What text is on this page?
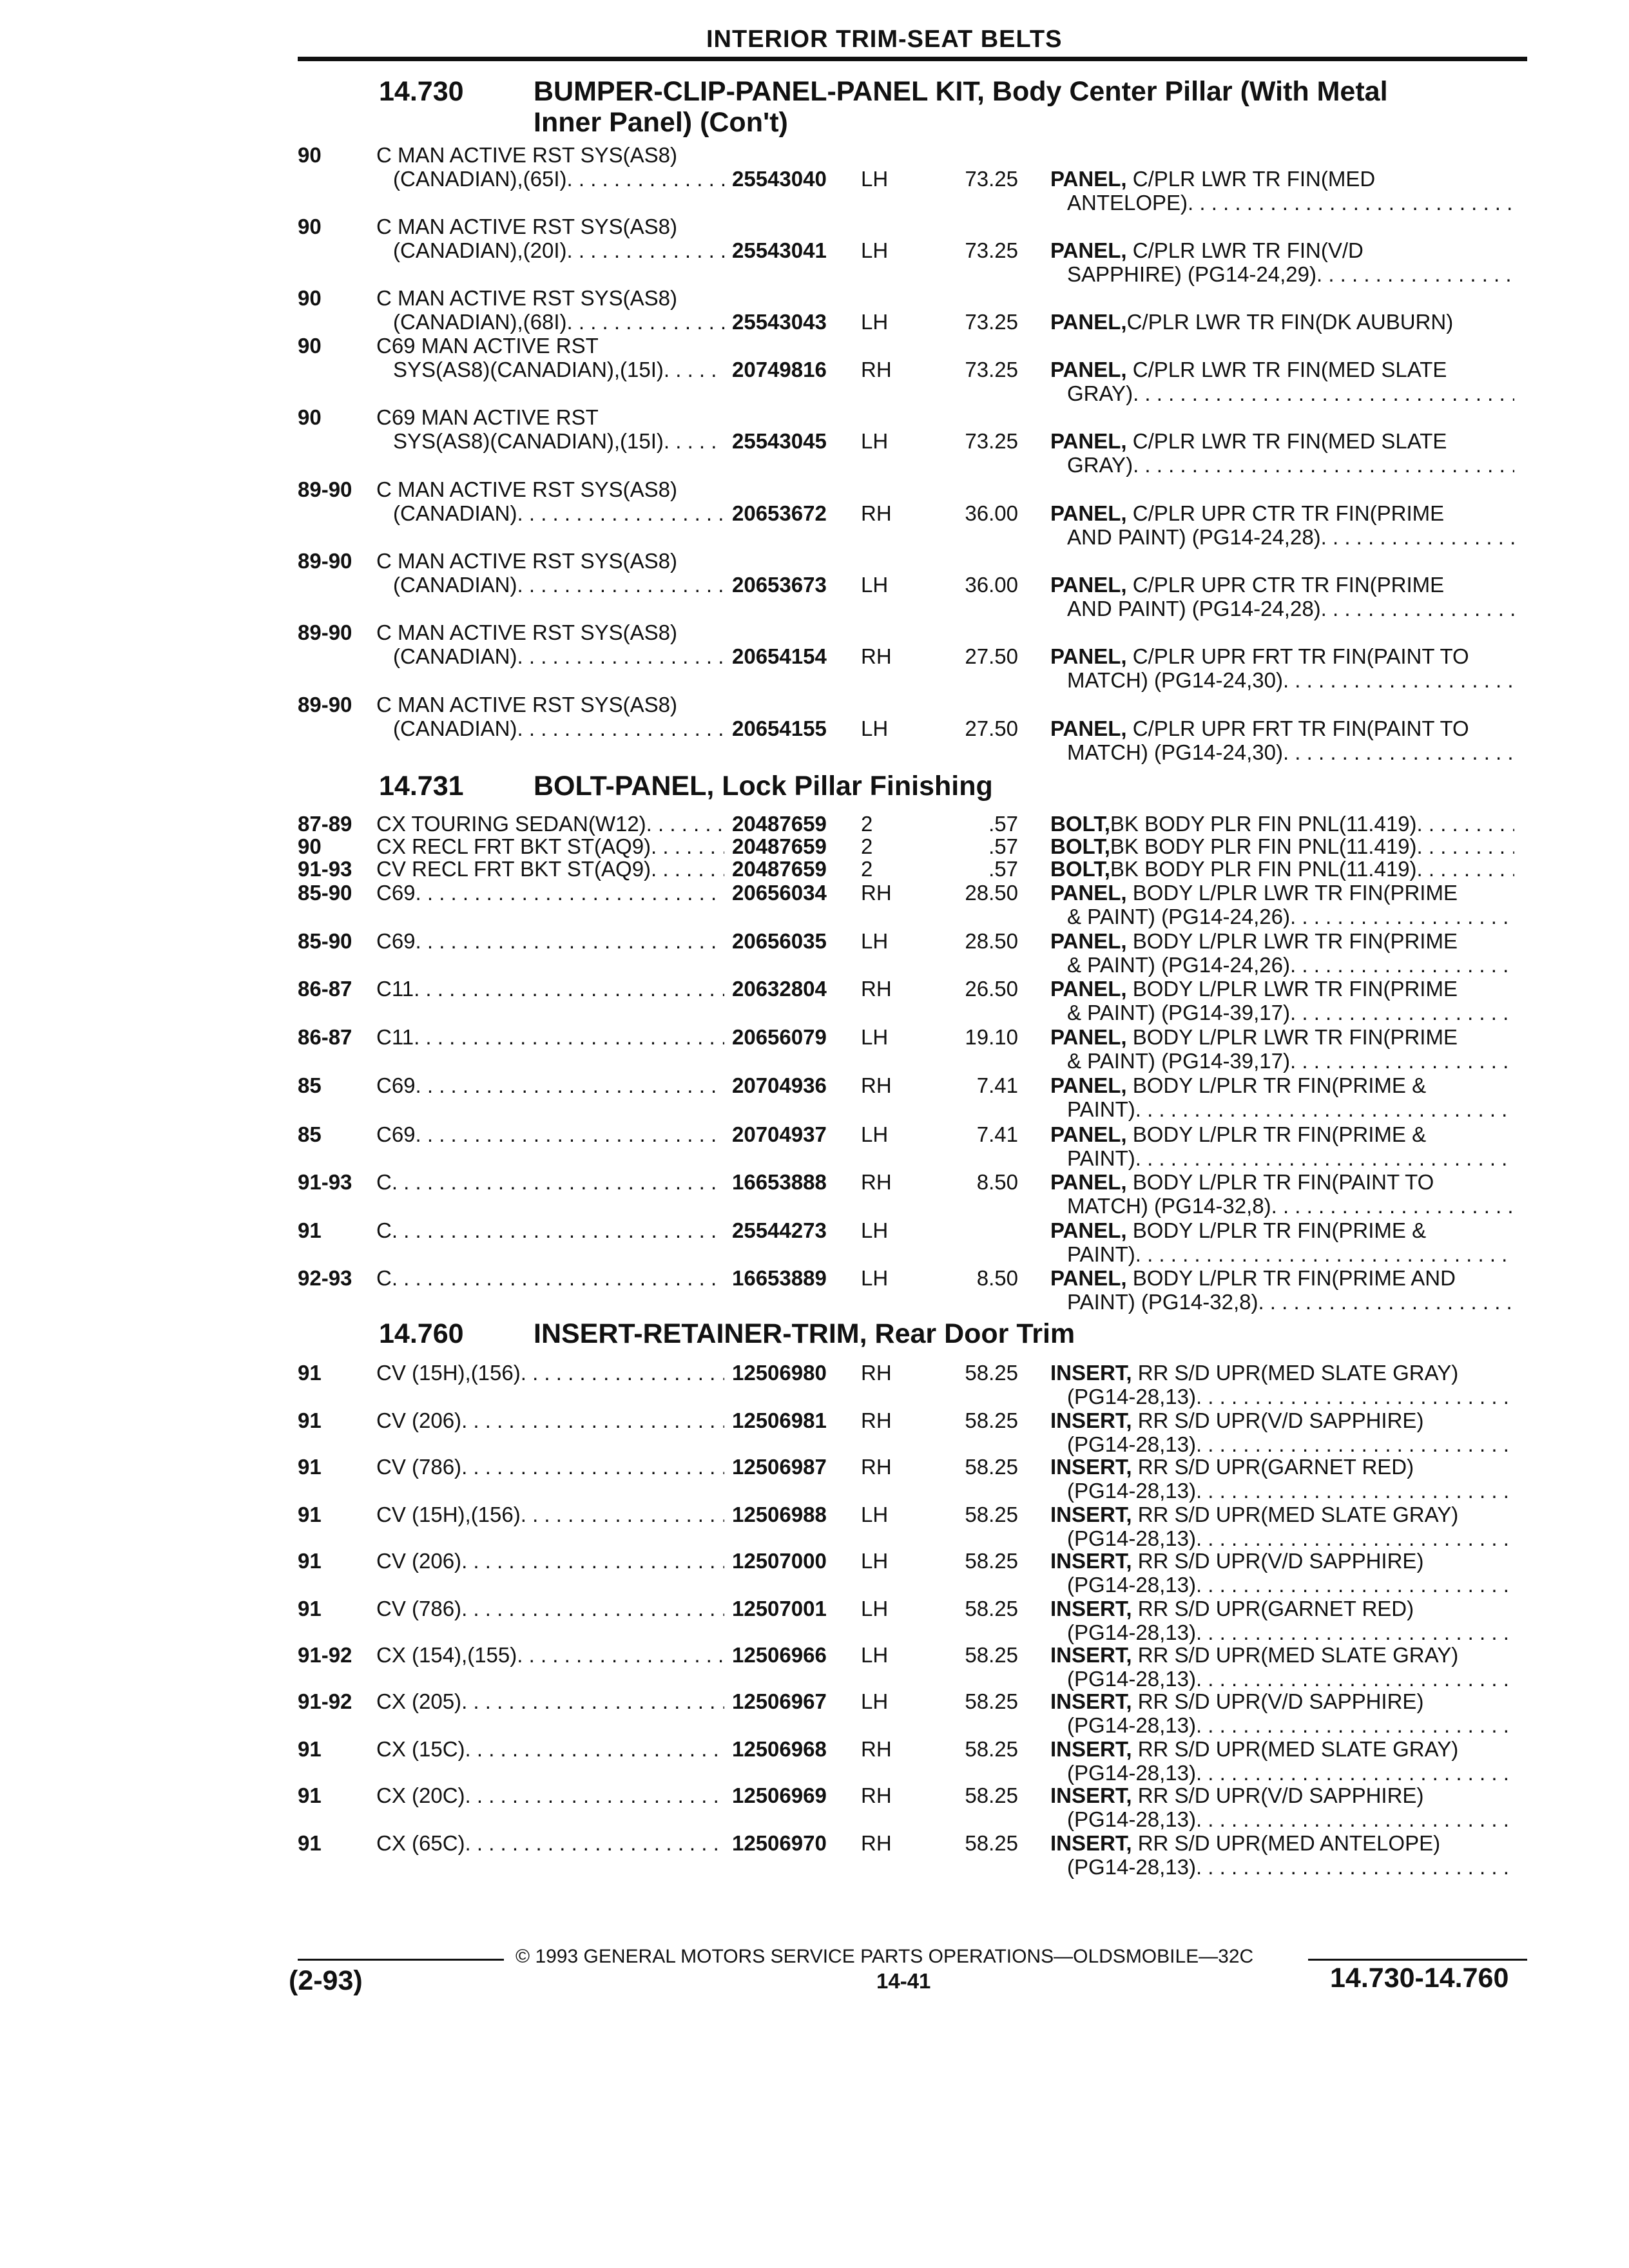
INTERIOR TRIM-SEAT BELTS
14.730	BUMPER-CLIP-PANEL-PANEL KIT, Body Center Pillar (With Metal
Inner Panel) (Con't)
90	C MAN ACTIVE RST SYS(AS8)
(CANADIAN),(65I) . . .	25543040 LH	73.25 PANEL, C/PLR LWR TR FIN(MED
ANTELOPE)
. . .
90	C MAN ACTIVE RST SYS(AS8)
(CANADIAN),(20I) . . .	25543041 LH	73.25 PANEL, C/PLR LWR TR FIN(V/D
SAPPHIRE) (PG14-24,29)
. . .
90	C MAN ACTIVE RST SYS(AS8)
(CANADIAN),(68I) . . .	25543043 LH	73.25 PANEL, C/PLR LWR TR FIN(DK AUBURN)
90	C69 MAN ACTIVE RST
SYS(AS8)(CANADIAN),(15I) . . .	20749816 RH	73.25 PANEL, C/PLR LWR TR FIN(MED SLATE
GRAY)
. . .
90	C69 MAN ACTIVE RST
SYS(AS8)(CANADIAN),(15I) . . .	25543045 LH	73.25 PANEL, C/PLR LWR TR FIN(MED SLATE
GRAY)
. . .
89-90 C MAN ACTIVE RST SYS(AS8)
(CANADIAN) . . .	20653672 RH	36.00 PANEL, C/PLR UPR CTR TR FIN(PRIME
AND PAINT) (PG14-24,28)
. . .
89-90 C MAN ACTIVE RST SYS(AS8)
(CANADIAN) . . .	20653673 LH	36.00 PANEL, C/PLR UPR CTR TR FIN(PRIME
AND PAINT) (PG14-24,28)
. . .
89-90 C MAN ACTIVE RST SYS(AS8)
(CANADIAN) . . .	20654154 RH	27.50 PANEL, C/PLR UPR FRT TR FIN(PAINT TO
MATCH) (PG14-24,30)
. . .
89-90 C MAN ACTIVE RST SYS(AS8)
(CANADIAN) . . .	20654155 LH	27.50 PANEL, C/PLR UPR FRT TR FIN(PAINT TO
MATCH) (PG14-24,30)
. . .
14.731	BOLT-PANEL, Lock Pillar Finishing
87-89 CX TOURING SEDAN(W12) . . .	20487659 2	.57 BOLT, BK BODY PLR FIN PNL(11.419)
. . .
90	CX RECL FRT BKT ST(AQ9) . . .	20487659 2	.57 BOLT, BK BODY PLR FIN PNL(11.419)
. . .
91-93 CV RECL FRT BKT ST(AQ9) . . .	20487659 2	.57 BOLT, BK BODY PLR FIN PNL(11.419)
. . .
85-90 C69 . . .	20656034 RH	28.50 PANEL, BODY L/PLR LWR TR FIN(PRIME
& PAINT) (PG14-24,26)
. . .
85-90 C69 . . .	20656035 LH	28.50 PANEL, BODY L/PLR LWR TR FIN(PRIME
& PAINT) (PG14-24,26)
. . .
86-87 C11 . . .	20632804 RH	26.50 PANEL, BODY L/PLR LWR TR FIN(PRIME
& PAINT) (PG14-39,17)
. . .
86-87 C11 . . .	20656079 LH	19.10 PANEL, BODY L/PLR LWR TR FIN(PRIME
& PAINT) (PG14-39,17)
. . .
85	C69 . . .	20704936 RH	7.41 PANEL, BODY L/PLR TR FIN(PRIME &
PAINT)
. . .
85	C69 . . .	20704937 LH	7.41 PANEL, BODY L/PLR TR FIN(PRIME &
PAINT)
. . .
91-93 C . . .	16653888 RH	8.50 PANEL, BODY L/PLR TR FIN(PAINT TO
MATCH) (PG14-32,8)
. . .
91	C . . .	25544273 LH	PANEL, BODY L/PLR TR FIN(PRIME &
PAINT)
. . .
92-93 C . . .	16653889 LH	8.50 PANEL, BODY L/PLR TR FIN(PRIME AND
PAINT) (PG14-32,8)
. . .
14.760	INSERT-RETAINER-TRIM, Rear Door Trim
91	CV (15H),(156) . . .	12506980 RH	58.25 INSERT, RR S/D UPR(MED SLATE GRAY)
(PG14-28,13)
. . .
91	CV (206) . . .	12506981 RH	58.25 INSERT, RR S/D UPR(V/D SAPPHIRE)
(PG14-28,13)
. . .
91	CV (786) . . .	12506987 RH	58.25 INSERT, RR S/D UPR(GARNET RED)
(PG14-28,13)
. . .
91	CV (15H),(156) . . .	12506988 LH	58.25 INSERT, RR S/D UPR(MED SLATE GRAY)
(PG14-28,13)
. . .
91	CV (206) . . .	12507000 LH	58.25 INSERT, RR S/D UPR(V/D SAPPHIRE)
(PG14-28,13)
. . .
91	CV (786) . . .	12507001 LH	58.25 INSERT, RR S/D UPR(GARNET RED)
(PG14-28,13)
. . .
91-92 CX (154),(155) . . .	12506966 LH	58.25 INSERT, RR S/D UPR(MED SLATE GRAY)
(PG14-28,13)
. . .
91-92 CX (205) . . .	12506967 LH	58.25 INSERT, RR S/D UPR(V/D SAPPHIRE)
(PG14-28,13)
. . .
91	CX (15C) . . .	12506968 RH	58.25 INSERT, RR S/D UPR(MED SLATE GRAY)
(PG14-28,13)
. . .
91	CX (20C) . . .	12506969 RH	58.25 INSERT, RR S/D UPR(V/D SAPPHIRE)
(PG14-28,13)
. . .
91	CX (65C) . . .	12506970 RH	58.25 INSERT, RR S/D UPR(MED ANTELOPE)
(PG14-28,13)
. . .
© 1993 GENERAL MOTORS SERVICE PARTS OPERATIONS—OLDSMOBILE—32C
(2-93)	14-41	14.730-14.760
